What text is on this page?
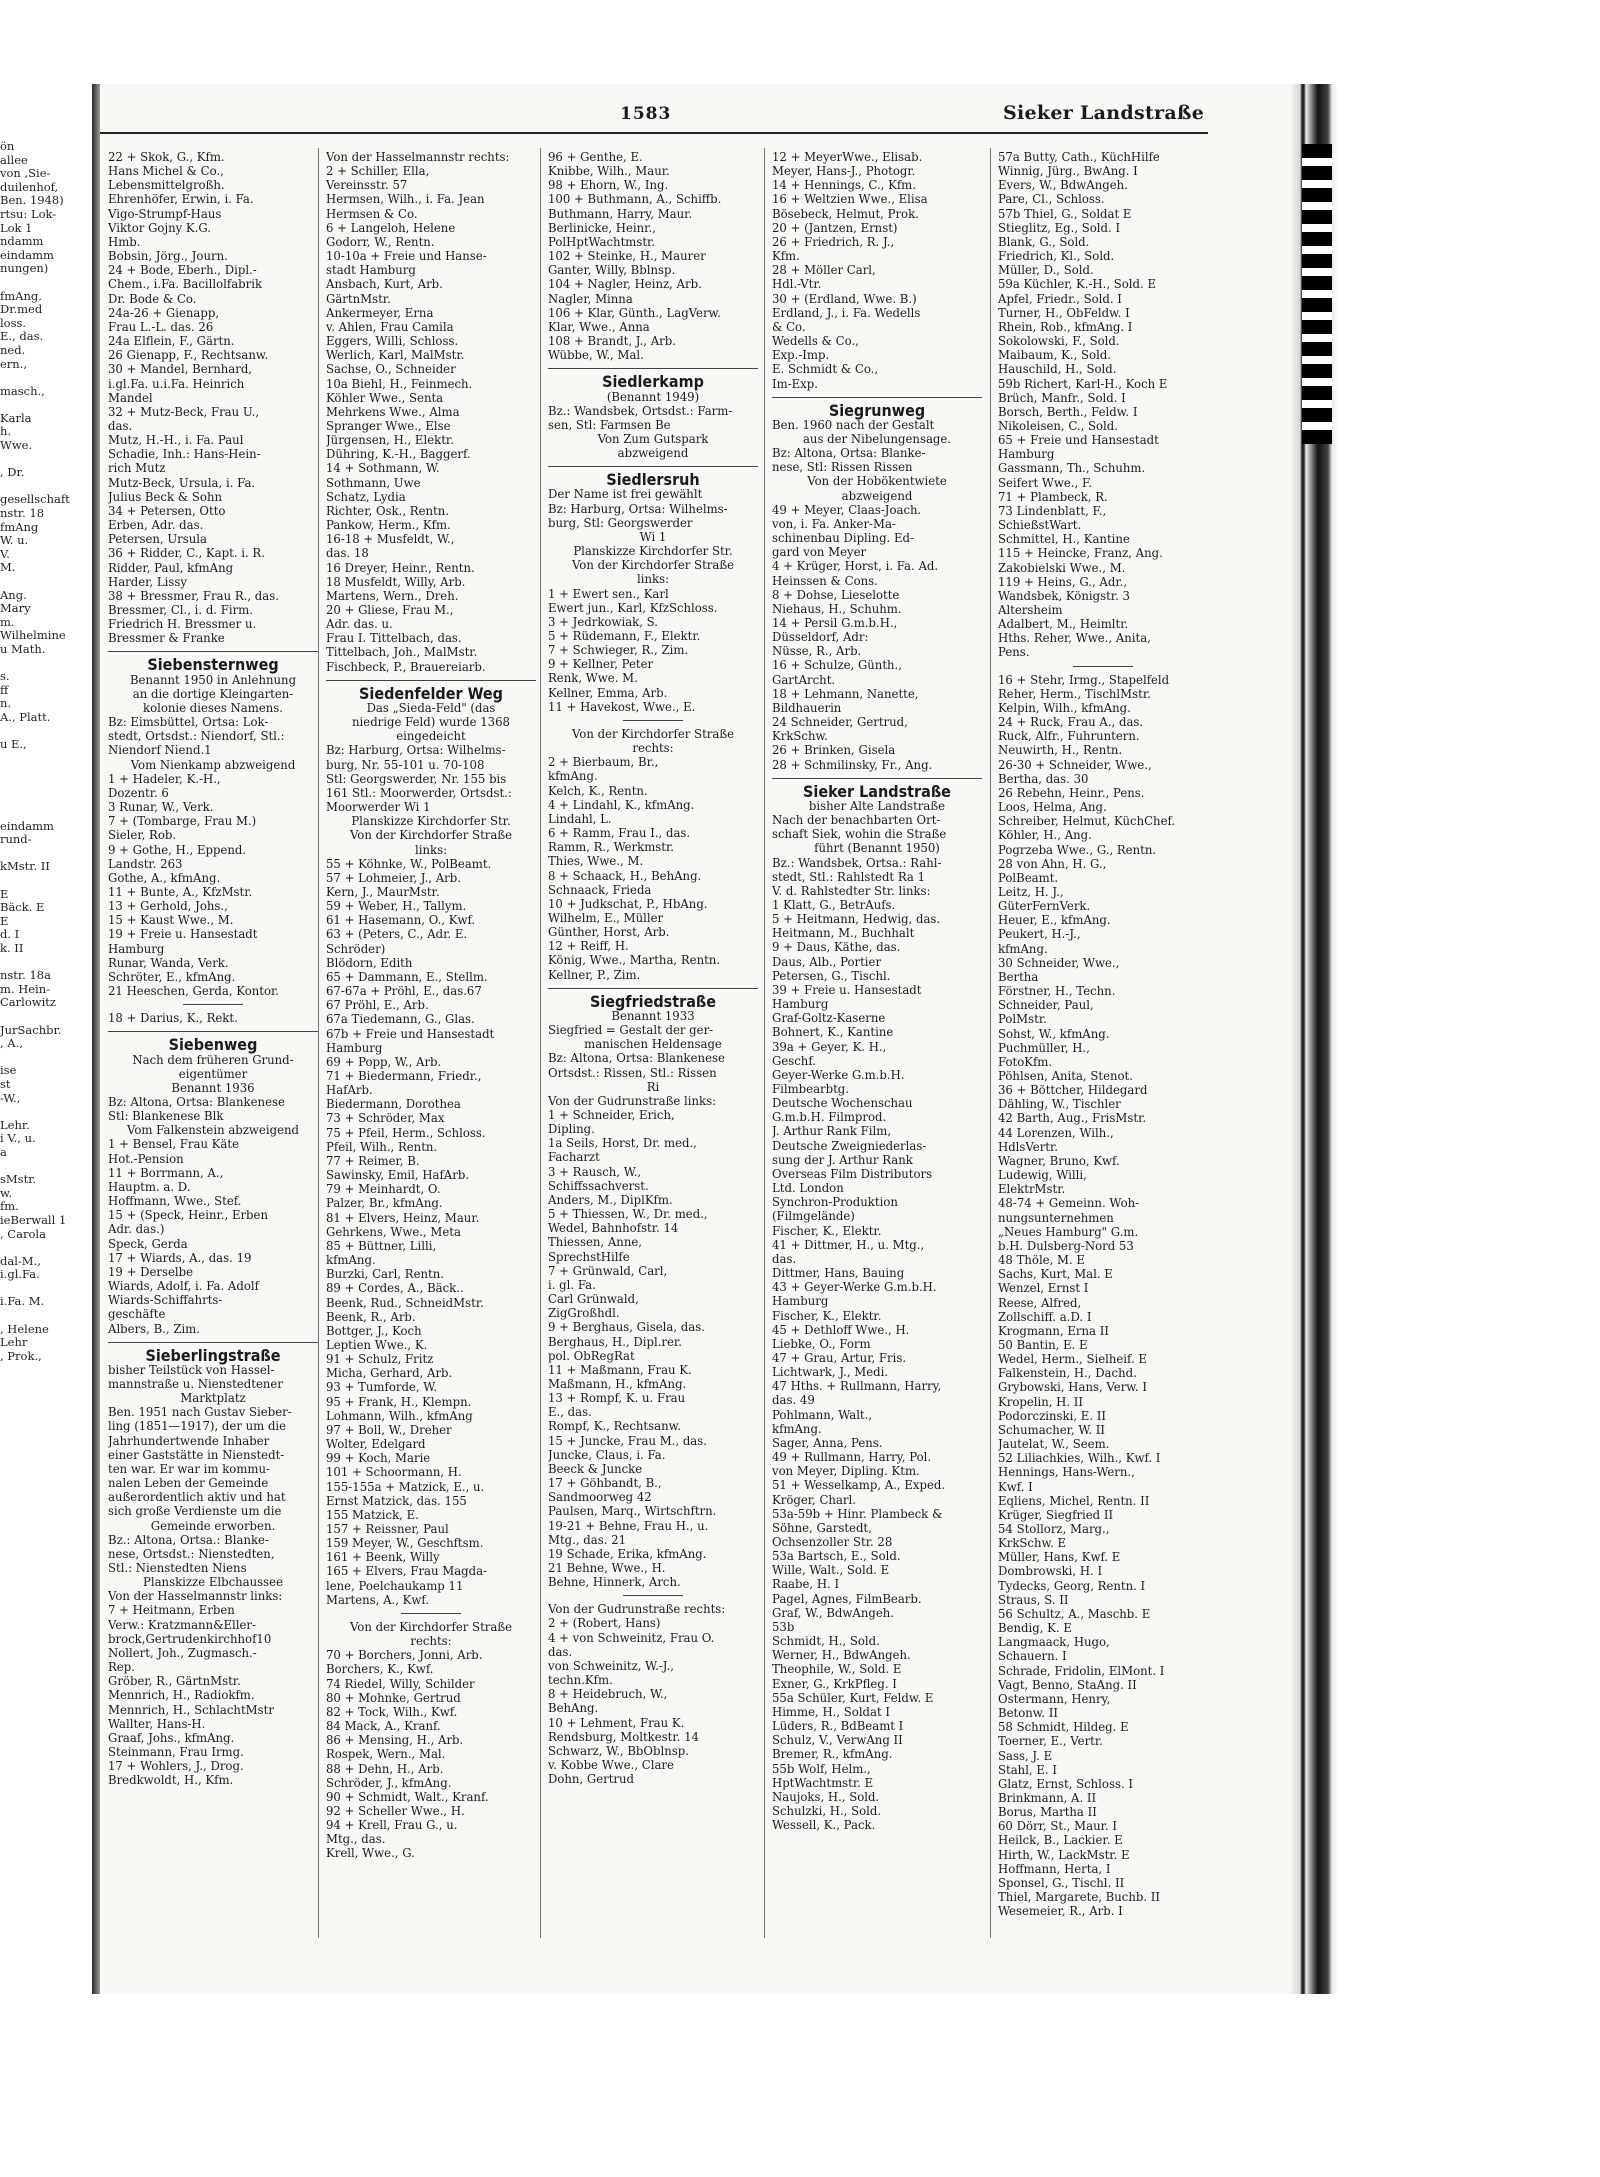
ön
allee
von ,Sie-
duilenhof,
Ben. 1948)
rtsu: Lok-
Lok 1
ndamm
eindamm
nungen)

fmAng.
Dr.med
loss.
E., das.
ned.
ern.,

masch.,

Karla
h.
Wwe.

, Dr.

gesellschaft
nstr. 18
fmAng
W. u.
V.
M.

Ang.
Mary
m.
Wilhelmine
u Math.

s.
ff
n.
A., Platt.

u E.,

eindamm
rund-

kMstr. II

E
Bäck. E
E
d. I
k. II

nstr. 18a
m. Hein-
Carlowitz

JurSachbr.
, A.,

ise
st
-W.,

Lehr.
i V., u.
a

sMstr.
w.
fm.
ieBerwall 1
, Carola

dal-M.,
i.gl.Fa.

i.Fa. M.

, Helene
Lehr
, Prok.,
1583	Sieker Landstraße
22 + Skok, G., Kfm.
Hans Michel & Co.,
Lebensmittelgroßh.
Ehrenhöfer, Erwin, i. Fa.
Vigo-Strumpf-Haus
Viktor Gojny K.G.
Hmb.
Bobsin, Jörg., Journ.
24 + Bode, Eberh., Dipl.-
Chem., i.Fa. Bacillolfabrik
Dr. Bode & Co.
24a-26 + Gienapp,
Frau L.-L. das. 26
24a Elflein, F., Gärtn.
26 Gienapp, F., Rechtsanw.
30 + Mandel, Bernhard,
i.gl.Fa. u.i.Fa. Heinrich
Mandel
32 + Mutz-Beck, Frau U.,
das.
Mutz, H.-H., i. Fa. Paul
Schadie, Inh.: Hans-Hein-
rich Mutz
Mutz-Beck, Ursula, i. Fa.
Julius Beck & Sohn
34 + Petersen, Otto
Erben, Adr. das.
Petersen, Ursula
36 + Ridder, C., Kapt. i. R.
Ridder, Paul, kfmAng
Harder, Lissy
38 + Bressmer, Frau R., das.
Bressmer, Cl., i. d. Firm.
Friedrich H. Bressmer u.
Bressmer & Franke
Siebensternweg
Benannt 1950 in Anlehnung
an die dortige Kleingarten-
kolonie dieses Namens.
Bz: Eimsbüttel, Ortsa: Lok-
stedt, Ortsdst.: Niendorf, Stl.:
Niendorf Niend.1
Vom Nienkamp abzweigend
1 + Hadeler, K.-H.,
Dozentr. 6
3 Runar, W., Verk.
7 + (Tombarge, Frau M.)
Sieler, Rob.
9 + Gothe, H., Eppend.
Landstr. 263
Gothe, A., kfmAng.
11 + Bunte, A., KfzMstr.
13 + Gerhold, Johs.,
15 + Kaust Wwe., M.
19 + Freie u. Hansestadt
Hamburg
Runar, Wanda, Verk.
Schröter, E., kfmAng.
21 Heeschen, Gerda, Kontor.
18 + Darius, K., Rekt.
Siebenweg
Nach dem früheren Grund-
eigentümer
Benannt 1936
Bz: Altona, Ortsa: Blankenese
Stl: Blankenese Blk
Vom Falkenstein abzweigend
1 + Bensel, Frau Käte
Hot.-Pension
11 + Borrmann, A.,
Hauptm. a. D.
Hoffmann, Wwe., Stef.
15 + (Speck, Heinr., Erben
Adr. das.)
Speck, Gerda
17 + Wiards, A., das. 19
19 + Derselbe
Wiards, Adolf, i. Fa. Adolf
Wiards-Schiffahrts-
geschäfte
Albers, B., Zim.
Sieberlingstraße
bisher Teilstück von Hassel-
mannstraße u. Nienstedtener
Marktplatz
Ben. 1951 nach Gustav Sieber-
ling (1851—1917), der um die
Jahrhundertwende Inhaber
einer Gaststätte in Nienstedt-
ten war. Er war im kommu-
nalen Leben der Gemeinde
außerordentlich aktiv und hat
sich große Verdienste um die
Gemeinde erworben.
Bz.: Altona, Ortsa.: Blanke-
nese, Ortsdst.: Nienstedten,
Stl.: Nienstedten Niens
Planskizze Elbchaussee
Von der Hasselmannstr links:
7 + Heitmann, Erben
Verw.: Kratzmann&Eller-
brock,Gertrudenkirchhof10
Nollert, Joh., Zugmasch.-
Rep.
Gröber, R., GärtnMstr.
Mennrich, H., Radiokfm.
Mennrich, H., SchlachtMstr
Wallter, Hans-H.
Graaf, Johs., kfmAng.
Steinmann, Frau Irmg.
17 + Wohlers, J., Drog.
Bredkwoldt, H., Kfm.
Von der Hasselmannstr rechts:
2 + Schiller, Ella,
Vereinsstr. 57
Hermsen, Wilh., i. Fa. Jean
Hermsen & Co.
6 + Langeloh, Helene
Godorr, W., Rentn.
10-10a + Freie und Hanse-
stadt Hamburg
Ansbach, Kurt, Arb.
GärtnMstr.
Ankermeyer, Erna
v. Ahlen, Frau Camila
Eggers, Willi, Schloss.
Werlich, Karl, MalMstr.
Sachse, O., Schneider
10a Biehl, H., Feinmech.
Köhler Wwe., Senta
Mehrkens Wwe., Alma
Spranger Wwe., Else
Jürgensen, H., Elektr.
Dühring, K.-H., Baggerf.
14 + Sothmann, W.
Sothmann, Uwe
Schatz, Lydia
Richter, Osk., Rentn.
Pankow, Herm., Kfm.
16-18 + Musfeldt, W.,
das. 18
16 Dreyer, Heinr., Rentn.
18 Musfeldt, Willy, Arb.
Martens, Wern., Dreh.
20 + Gliese, Frau M.,
Adr. das. u.
Frau I. Tittelbach, das.
Tittelbach, Joh., MalMstr.
Fischbeck, P., Brauereiarb.
Siedenfelder Weg
Das „Sieda-Feld" (das
niedrige Feld) wurde 1368
eingedeicht
Bz: Harburg, Ortsa: Wilhelms-
burg, Nr. 55-101 u. 70-108
Stl: Georgswerder, Nr. 155 bis
161 Stl.: Moorwerder, Ortsdst.:
Moorwerder Wi 1
Planskizze Kirchdorfer Str.
Von der Kirchdorfer Straße
links:
55 + Köhnke, W., PolBeamt.
57 + Lohmeier, J., Arb.
Kern, J., MaurMstr.
59 + Weber, H., Tallym.
61 + Hasemann, O., Kwf.
63 + (Peters, C., Adr. E.
Schröder)
Blödorn, Edith
65 + Dammann, E., Stellm.
67-67a + Pröhl, E., das.67
67 Pröhl, E., Arb.
67a Tiedemann, G., Glas.
67b + Freie und Hansestadt
Hamburg
69 + Popp, W., Arb.
71 + Biedermann, Friedr.,
HafArb.
Biedermann, Dorothea
73 + Schröder, Max
75 + Pfeil, Herm., Schloss.
Pfeil, Wilh., Rentn.
77 + Reimer, B.
Sawinsky, Emil, HafArb.
79 + Meinhardt, O.
Palzer, Br., kfmAng.
81 + Elvers, Heinz, Maur.
Gehrkens, Wwe., Meta
85 + Büttner, Lilli,
kfmAng.
Burzki, Carl, Rentn.
89 + Cordes, A., Bäck..
Beenk, Rud., SchneidMstr.
Beenk, R., Arb.
Bottger, J., Koch
Leptien Wwe., K.
91 + Schulz, Fritz
Micha, Gerhard, Arb.
93 + Tumforde, W.
95 + Frank, H., Klempn.
Lohmann, Wilh., kfmAng
97 + Boll, W., Dreher
Wolter, Edelgard
99 + Koch, Marie
101 + Schoormann, H.
155-155a + Matzick, E., u.
Ernst Matzick, das. 155
155 Matzick, E.
157 + Reissner, Paul
159 Meyer, W., Geschftsm.
161 + Beenk, Willy
165 + Elvers, Frau Magda-
lene, Poelchaukamp 11
Martens, A., Kwf.
Von der Kirchdorfer Straße
rechts:
70 + Borchers, Jonni, Arb.
Borchers, K., Kwf.
74 Riedel, Willy, Schilder
80 + Mohnke, Gertrud
82 + Tock, Wilh., Kwf.
84 Mack, A., Kranf.
86 + Mensing, H., Arb.
Rospek, Wern., Mal.
88 + Dehn, H., Arb.
Schröder, J., kfmAng.
90 + Schmidt, Walt., Kranf.
92 + Scheller Wwe., H.
94 + Krell, Frau G., u.
Mtg., das.
Krell, Wwe., G.
96 + Genthe, E.
Knibbe, Wilh., Maur.
98 + Ehorn, W., Ing.
100 + Buthmann, A., Schiffb.
Buthmann, Harry, Maur.
Berlinicke, Heinr.,
PolHptWachtmstr.
102 + Steinke, H., Maurer
Ganter, Willy, Bblnsp.
104 + Nagler, Heinz, Arb.
Nagler, Minna
106 + Klar, Günth., LagVerw.
Klar, Wwe., Anna
108 + Brandt, J., Arb.
Wübbe, W., Mal.
Siedlerkamp
(Benannt 1949)
Bz.: Wandsbek, Ortsdst.: Farm-
sen, Stl: Farmsen Be
Von Zum Gutspark
abzweigend
Siedlersruh
Der Name ist frei gewählt
Bz: Harburg, Ortsa: Wilhelms-
burg, Stl: Georgswerder
Wi 1
Planskizze Kirchdorfer Str.
Von der Kirchdorfer Straße
links:
1 + Ewert sen., Karl
Ewert jun., Karl, KfzSchloss.
3 + Jedrkowiak, S.
5 + Rüdemann, F., Elektr.
7 + Schwieger, R., Zim.
9 + Kellner, Peter
Renk, Wwe. M.
Kellner, Emma, Arb.
11 + Havekost, Wwe., E.
Von der Kirchdorfer Straße
rechts:
2 + Bierbaum, Br.,
kfmAng.
Kelch, K., Rentn.
4 + Lindahl, K., kfmAng.
Lindahl, L.
6 + Ramm, Frau I., das.
Ramm, R., Werkmstr.
Thies, Wwe., M.
8 + Schaack, H., BehAng.
Schnaack, Frieda
10 + Judkschat, P., HbAng.
Wilhelm, E., Müller
Günther, Horst, Arb.
12 + Reiff, H.
König, Wwe., Martha, Rentn.
Kellner, P., Zim.
Siegfriedstraße
Benannt 1933
Siegfried = Gestalt der ger-
manischen Heldensage
Bz: Altona, Ortsa: Blankenese
Ortsdst.: Rissen, Stl.: Rissen
Ri
Von der Gudrunstraße links:
1 + Schneider, Erich,
Dipling.
1a Seils, Horst, Dr. med.,
Facharzt
3 + Rausch, W.,
Schiffssachverst.
Anders, M., DiplKfm.
5 + Thiessen, W., Dr. med.,
Wedel, Bahnhofstr. 14
Thiessen, Anne,
SprechstHilfe
7 + Grünwald, Carl,
i. gl. Fa.
Carl Grünwald,
ZigGroßhdl.
9 + Berghaus, Gisela, das.
Berghaus, H., Dipl.rer.
pol. ObRegRat
11 + Maßmann, Frau K.
Maßmann, H., kfmAng.
13 + Rompf, K. u. Frau
E., das.
Rompf, K., Rechtsanw.
15 + Juncke, Frau M., das.
Juncke, Claus, i. Fa.
Beeck & Juncke
17 + Göhbandt, B.,
Sandmoorweg 42
Paulsen, Marq., Wirtschftrn.
19-21 + Behne, Frau H., u.
Mtg., das. 21
19 Schade, Erika, kfmAng.
21 Behne, Wwe., H.
Behne, Hinnerk, Arch.
Von der Gudrunstraße rechts:
2 + (Robert, Hans)
4 + von Schweinitz, Frau O.
das.
von Schweinitz, W.-J.,
techn.Kfm.
8 + Heidebruch, W.,
BehAng.
10 + Lehment, Frau K.
Rendsburg, Moltkestr. 14
Schwarz, W., BbOblnsp.
v. Kobbe Wwe., Clare
Dohn, Gertrud
12 + MeyerWwe., Elisab.
Meyer, Hans-J., Photogr.
14 + Hennings, C., Kfm.
16 + Weltzien Wwe., Elisa
Bösebeck, Helmut, Prok.
20 + (Jantzen, Ernst)
26 + Friedrich, R. J.,
Kfm.
28 + Möller Carl,
Hdl.-Vtr.
30 + (Erdland, Wwe. B.)
Erdland, J., i. Fa. Wedells
& Co.
Wedells & Co.,
Exp.-Imp.
E. Schmidt & Co.,
Im-Exp.
Siegrunweg
Ben. 1960 nach der Gestalt
aus der Nibelungensage.
Bz: Altona, Ortsa: Blanke-
nese, Stl: Rissen Rissen
Von der Hobökentwiete
abzweigend
49 + Meyer, Claas-Joach.
von, i. Fa. Anker-Ma-
schinenbau Dipling. Ed-
gard von Meyer
4 + Krüger, Horst, i. Fa. Ad.
Heinssen & Cons.
8 + Dohse, Lieselotte
Niehaus, H., Schuhm.
14 + Persil G.m.b.H.,
Düsseldorf, Adr:
Nüsse, R., Arb.
16 + Schulze, Günth.,
GartArcht.
18 + Lehmann, Nanette,
Bildhauerin
24 Schneider, Gertrud,
KrkSchw.
26 + Brinken, Gisela
28 + Schmilinsky, Fr., Ang.
Sieker Landstraße
bisher Alte Landstraße
Nach der benachbarten Ort-
schaft Siek, wohin die Straße
führt (Benannt 1950)
Bz.: Wandsbek, Ortsa.: Rahl-
stedt, Stl.: Rahlstedt Ra 1
V. d. Rahlstedter Str. links:
1 Klatt, G., BetrAufs.
5 + Heitmann, Hedwig, das.
Heitmann, M., Buchhalt
9 + Daus, Käthe, das.
Daus, Alb., Portier
Petersen, G., Tischl.
39 + Freie u. Hansestadt
Hamburg
Graf-Goltz-Kaserne
Bohnert, K., Kantine
39a + Geyer, K. H.,
Geschf.
Geyer-Werke G.m.b.H.
Filmbearbtg.
Deutsche Wochenschau
G.m.b.H. Filmprod.
J. Arthur Rank Film,
Deutsche Zweigniederlas-
sung der J. Arthur Rank
Overseas Film Distributors
Ltd. London
Synchron-Produktion
(Filmgelände)
Fischer, K., Elektr.
41 + Dittmer, H., u. Mtg.,
das.
Dittmer, Hans, Bauing
43 + Geyer-Werke G.m.b.H.
Hamburg
Fischer, K., Elektr.
45 + Dethloff Wwe., H.
Liebke, O., Form
47 + Grau, Artur, Fris.
Lichtwark, J., Medi.
47 Hths. + Rullmann, Harry,
das. 49
Pohlmann, Walt.,
kfmAng.
Sager, Anna, Pens.
49 + Rullmann, Harry, Pol.
von Meyer, Dipling. Ktm.
51 + Wesselkamp, A., Exped.
Kröger, Charl.
53a-59b + Hinr. Plambeck &
Söhne, Garstedt,
Ochsenzoller Str. 28
53a Bartsch, E., Sold.
Wille, Walt., Sold. E
Raabe, H. I
Pagel, Agnes, FilmBearb.
Graf, W., BdwAngeh.
53b
Schmidt, H., Sold.
Werner, H., BdwAngeh.
Theophile, W., Sold. E
Exner, G., KrkPfleg. I
55a Schüler, Kurt, Feldw. E
Himme, H., Soldat I
Lüders, R., BdBeamt I
Schulz, V., VerwAng II
Bremer, R., kfmAng.
55b Wolf, Helm.,
HptWachtmstr. E
Naujoks, H., Sold.
Schulzki, H., Sold.
Wessell, K., Pack.
57a Butty, Cath., KüchHilfe
Winnig, Jürg., BwAng. I
Evers, W., BdwAngeh.
Pare, Cl., Schloss.
57b Thiel, G., Soldat E
Stieglitz, Eg., Sold. I
Blank, G., Sold.
Friedrich, Kl., Sold.
Müller, D., Sold.
59a Küchler, K.-H., Sold. E
Apfel, Friedr., Sold. I
Turner, H., ObFeldw. I
Rhein, Rob., kfmAng. I
Sokolowski, F., Sold.
Maibaum, K., Sold.
Hauschild, H., Sold.
59b Richert, Karl-H., Koch E
Brüch, Manfr., Sold. I
Borsch, Berth., Feldw. I
Nikoleisen, C., Sold.
65 + Freie und Hansestadt
Hamburg
Gassmann, Th., Schuhm.
Seifert Wwe., F.
71 + Plambeck, R.
73 Lindenblatt, F.,
SchießstWart.
Schmittel, H., Kantine
115 + Heincke, Franz, Ang.
Zakobielski Wwe., M.
119 + Heins, G., Adr.,
Wandsbek, Königstr. 3
Altersheim
Adalbert, M., Heimltr.
Hths. Reher, Wwe., Anita,
Pens.
16 + Stehr, Irmg., Stapelfeld
Reher, Herm., TischlMstr.
Kelpin, Wilh., kfmAng.
24 + Ruck, Frau A., das.
Ruck, Alfr., Fuhruntern.
Neuwirth, H., Rentn.
26-30 + Schneider, Wwe.,
Bertha, das. 30
26 Rebehn, Heinr., Pens.
Loos, Helma, Ang.
Schreiber, Helmut, KüchChef.
Köhler, H., Ang.
Pogrzeba Wwe., G., Rentn.
28 von Ahn, H. G.,
PolBeamt.
Leitz, H. J.,
GüterFernVerk.
Heuer, E., kfmAng.
Peukert, H.-J.,
kfmAng.
30 Schneider, Wwe.,
Bertha
Förstner, H., Techn.
Schneider, Paul,
PolMstr.
Sohst, W., kfmAng.
Puchmüller, H.,
FotoKfm.
Pöhlsen, Anita, Stenot.
36 + Böttcher, Hildegard
Dähling, W., Tischler
42 Barth, Aug., FrisMstr.
44 Lorenzen, Wilh.,
HdlsVertr.
Wagner, Bruno, Kwf.
Ludewig, Willi,
ElektrMstr.
48-74 + Gemeinn. Woh-
nungsunternehmen
„Neues Hamburg" G.m.
b.H. Dulsberg-Nord 53
48 Thöle, M. E
Sachs, Kurt, Mal. E
Wenzel, Ernst I
Reese, Alfred,
Zollschiff. a.D. I
Krogmann, Erna II
50 Bantin, E. E
Wedel, Herm., Sielheif. E
Falkenstein, H., Dachd.
Grybowski, Hans, Verw. I
Kropelin, H. II
Podorczinski, E. II
Schumacher, W. II
Jautelat, W., Seem.
52 Liliachkies, Wilh., Kwf. I
Hennings, Hans-Wern.,
Kwf. I
Eqliens, Michel, Rentn. II
Krüger, Siegfried II
54 Stollorz, Marg.,
KrkSchw. E
Müller, Hans, Kwf. E
Dombrowski, H. I
Tydecks, Georg, Rentn. I
Straus, S. II
56 Schultz, A., Maschb. E
Bendig, K. E
Langmaack, Hugo,
Schauern. I
Schrade, Fridolin, ElMont. I
Vagt, Benno, StaAng. II
Ostermann, Henry,
Betonw. II
58 Schmidt, Hildeg. E
Toerner, E., Vertr.
Sass, J. E
Stahl, E. I
Glatz, Ernst, Schloss. I
Brinkmann, A. II
Borus, Martha II
60 Dörr, St., Maur. I
Heilck, B., Lackier. E
Hirth, W., LackMstr. E
Hoffmann, Herta, I
Sponsel, G., Tischl. II
Thiel, Margarete, Buchb. II
Wesemeier, R., Arb. I
